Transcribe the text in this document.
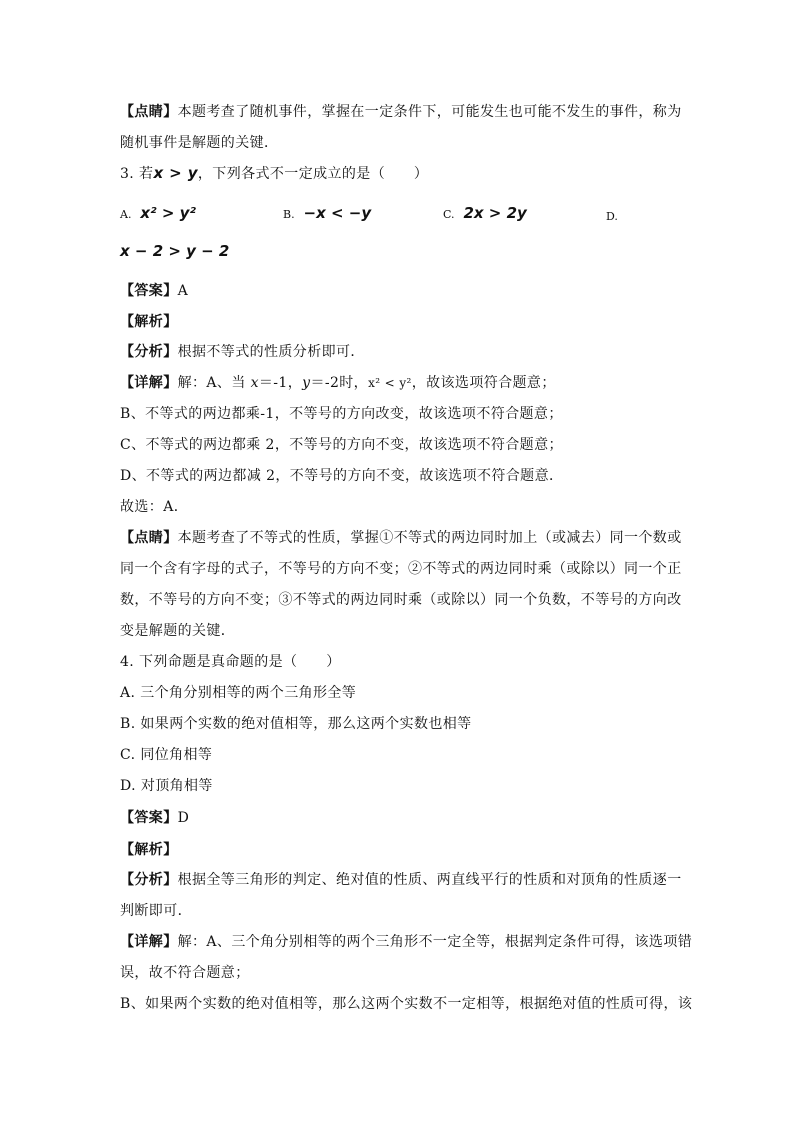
【点睛】本题考查了随机事件，掌握在一定条件下，可能发生也可能不发生的事件，称为
随机事件是解题的关键．
3. 若x > y，下列各式不一定成立的是（　　）
A. x² > y²	B. −x < −y	C. 2x > 2y	D.
x − 2 > y − 2
【答案】A
【解析】
【分析】根据不等式的性质分析即可．
【详解】解：A、当 x＝-1，y＝-2时，x² < y²，故该选项符合题意；
B、不等式的两边都乘-1，不等号的方向改变，故该选项不符合题意；
C、不等式的两边都乘 2，不等号的方向不变，故该选项不符合题意；
D、不等式的两边都减 2，不等号的方向不变，故该选项不符合题意．
故选：A．
【点睛】本题考查了不等式的性质，掌握①不等式的两边同时加上（或减去）同一个数或
同一个含有字母的式子，不等号的方向不变；②不等式的两边同时乘（或除以）同一个正
数，不等号的方向不变；③不等式的两边同时乘（或除以）同一个负数，不等号的方向改
变是解题的关键．
4. 下列命题是真命题的是（　　）
A. 三个角分别相等的两个三角形全等
B. 如果两个实数的绝对值相等，那么这两个实数也相等
C. 同位角相等
D. 对顶角相等
【答案】D
【解析】
【分析】根据全等三角形的判定、绝对值的性质、两直线平行的性质和对顶角的性质逐一
判断即可．
【详解】解：A、三个角分别相等的两个三角形不一定全等，根据判定条件可得，该选项错
误，故不符合题意；
B、如果两个实数的绝对值相等，那么这两个实数不一定相等，根据绝对值的性质可得，该
